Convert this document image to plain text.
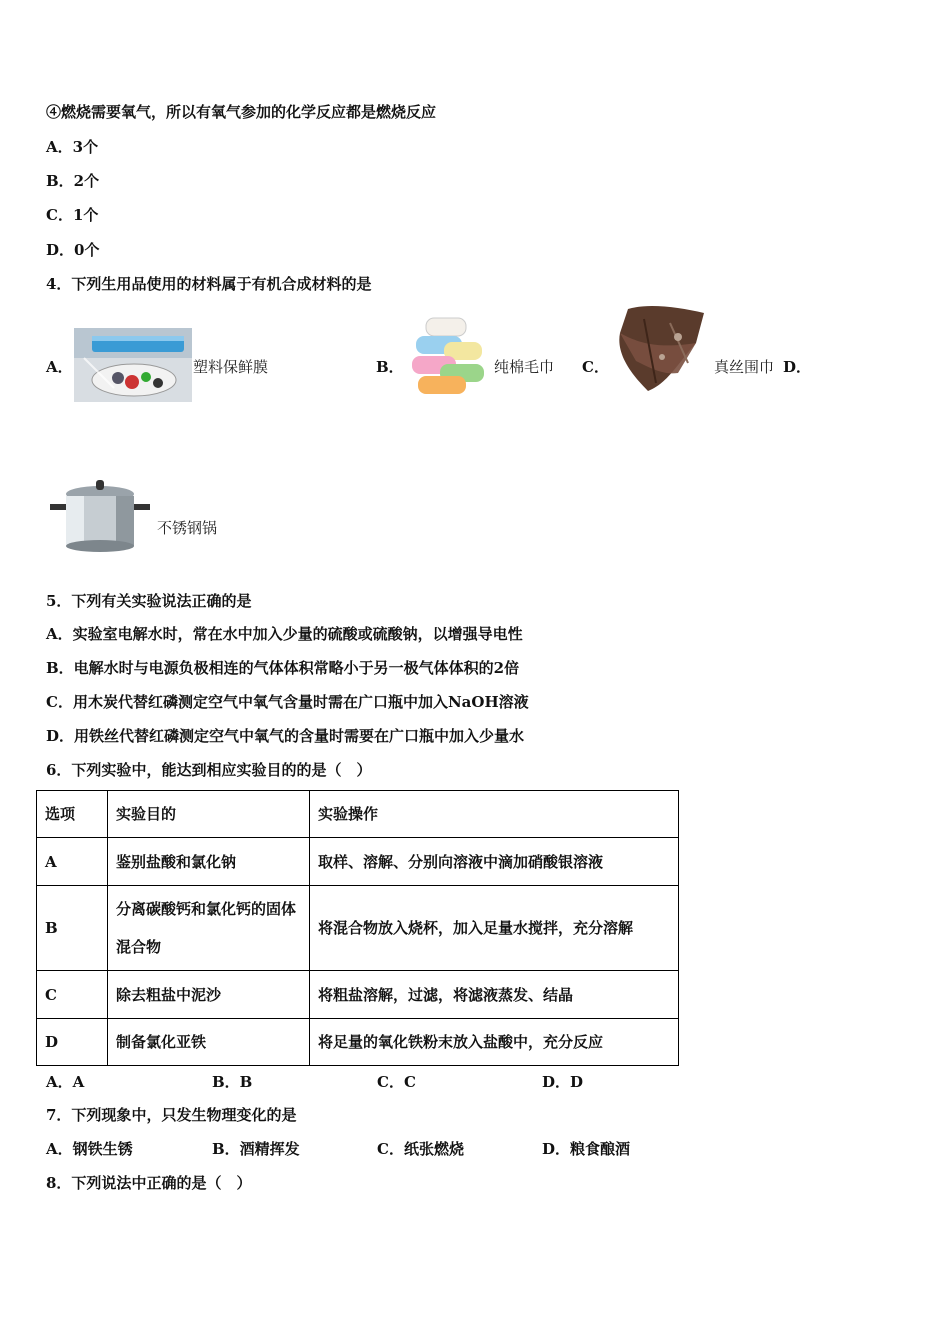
④燃烧需要氧气，所以有氧气参加的化学反应都是燃烧反应
A．3个
B．2个
C．1个
D．0个
4．下列生用品使用的材料属于有机合成材料的是
A．	塑料保鲜膜	B．	纯棉毛巾 C．	真丝围巾 D．
不锈钢锅
5．下列有关实验说法正确的是
A．实验室电解水时，常在水中加入少量的硫酸或硫酸钠，以增强导电性
B．电解水时与电源负极相连的气体体积常略小于另一极气体体积的2倍
C．用木炭代替红磷测定空气中氧气含量时需在广口瓶中加入NaOH溶液
D．用铁丝代替红磷测定空气中氧气的含量时需要在广口瓶中加入少量水
6．下列实验中，能达到相应实验目的的是（　）
选项	实验目的	实验操作
A	鉴别盐酸和氯化钠	取样、溶解、分别向溶液中滴加硝酸银溶液
B	分离碳酸钙和氯化钙的固体混合物	将混合物放入烧杯，加入足量水搅拌，充分溶解
C	除去粗盐中泥沙	将粗盐溶解，过滤，将滤液蒸发、结晶
D	制备氯化亚铁	将足量的氧化铁粉末放入盐酸中，充分反应
A．A	B．B	C．C	D．D
7．下列现象中，只发生物理变化的是
A．钢铁生锈	B．酒精挥发	C．纸张燃烧	D．粮食酿酒
8．下列说法中正确的是（　）
